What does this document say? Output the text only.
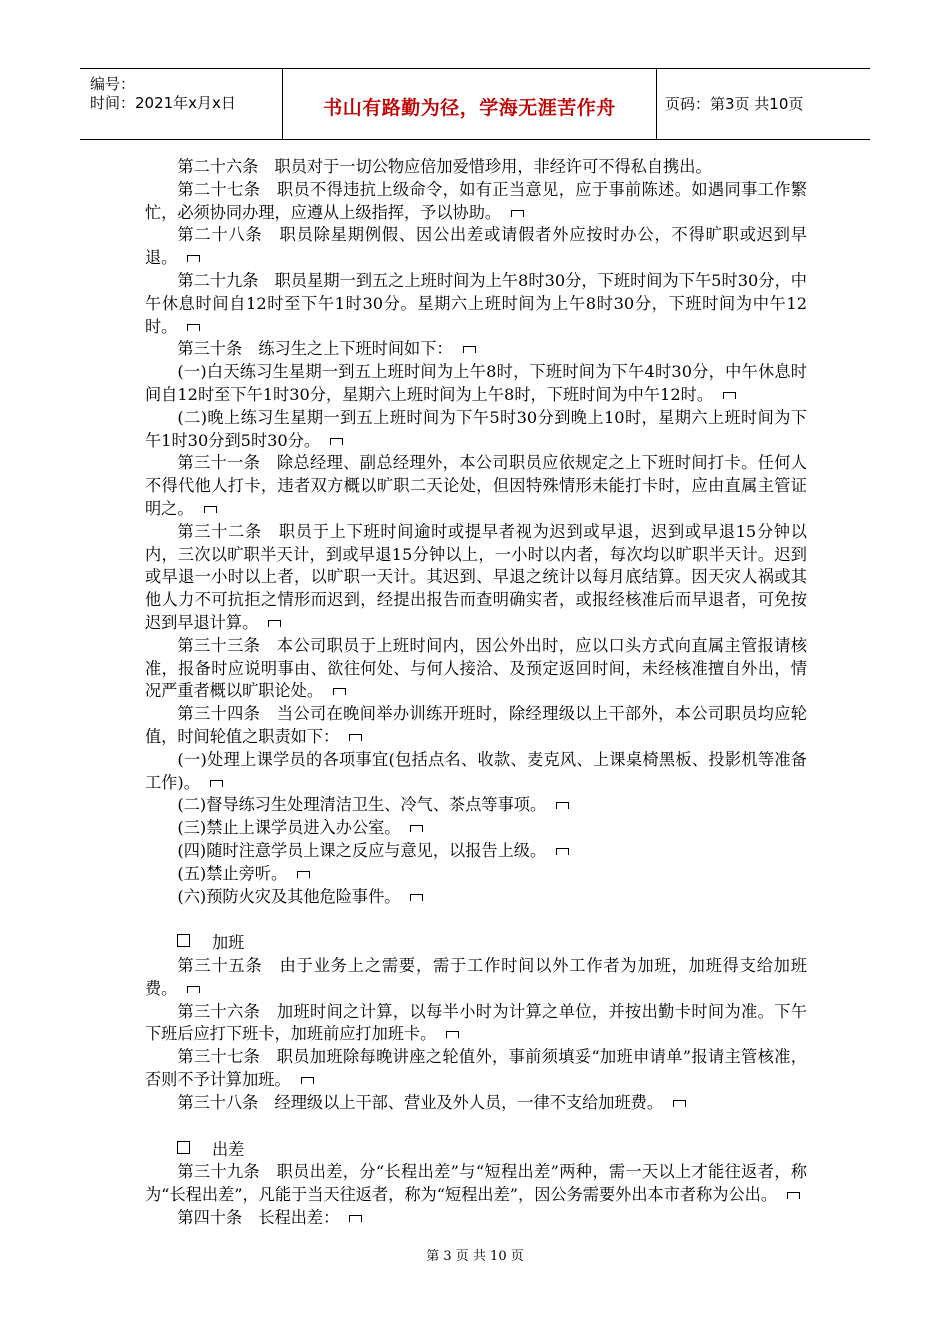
编号：
时间：2021年x月x日	书山有路勤为径，学海无涯苦作舟	页码：第3页 共10页

第二十六条　职员对于一切公物应倍加爱惜珍用，非经许可不得私自携出。

第二十七条　职员不得违抗上级命令，如有正当意见，应于事前陈述。如遇同事工作繁忙，必须协同办理，应遵从上级指挥，予以协助。

第二十八条　职员除星期例假、因公出差或请假者外应按时办公，不得旷职或迟到早退。

第二十九条　职员星期一到五之上班时间为上午8时30分，下班时间为下午5时30分，中午休息时间自12时至下午1时30分。星期六上班时间为上午8时30分，下班时间为中午12时。

第三十条　练习生之上下班时间如下：

(一)白天练习生星期一到五上班时间为上午8时，下班时间为下午4时30分，中午休息时间自12时至下午1时30分，星期六上班时间为上午8时，下班时间为中午12时。

(二)晚上练习生星期一到五上班时间为下午5时30分到晚上10时，星期六上班时间为下午1时30分到5时30分。

第三十一条　除总经理、副总经理外，本公司职员应依规定之上下班时间打卡。任何人不得代他人打卡，违者双方概以旷职二天论处，但因特殊情形未能打卡时，应由直属主管证明之。

第三十二条　职员于上下班时间逾时或提早者视为迟到或早退，迟到或早退15分钟以内，三次以旷职半天计，到或早退15分钟以上，一小时以内者，每次均以旷职半天计。迟到或早退一小时以上者，以旷职一天计。其迟到、早退之统计以每月底结算。因天灾人祸或其他人力不可抗拒之情形而迟到，经提出报告而查明确实者，或报经核准后而早退者，可免按迟到早退计算。

第三十三条　本公司职员于上班时间内，因公外出时，应以口头方式向直属主管报请核准，报备时应说明事由、欲往何处、与何人接洽、及预定返回时间，未经核准擅自外出，情况严重者概以旷职论处。

第三十四条　当公司在晚间举办训练开班时，除经理级以上干部外，本公司职员均应轮值，时间轮值之职责如下：

(一)处理上课学员的各项事宜(包括点名、收款、麦克风、上课桌椅黑板、投影机等准备工作)。

(二)督导练习生处理清洁卫生、冷气、茶点等事项。

(三)禁止上课学员进入办公室。

(四)随时注意学员上课之反应与意见，以报告上级。

(五)禁止旁听。

(六)预防火灾及其他危险事件。

加班

第三十五条　由于业务上之需要，需于工作时间以外工作者为加班，加班得支给加班费。

第三十六条　加班时间之计算，以每半小时为计算之单位，并按出勤卡时间为准。下午下班后应打下班卡，加班前应打加班卡。

第三十七条　职员加班除每晚讲座之轮值外，事前须填妥“加班申请单”报请主管核准，否则不予计算加班。

第三十八条　经理级以上干部、营业及外人员，一律不支给加班费。

出差

第三十九条　职员出差，分“长程出差”与“短程出差”两种，需一天以上才能往返者，称为“长程出差”，凡能于当天往返者，称为“短程出差”，因公务需要外出本市者称为公出。

第四十条　长程出差：

第 3 页 共 10 页
